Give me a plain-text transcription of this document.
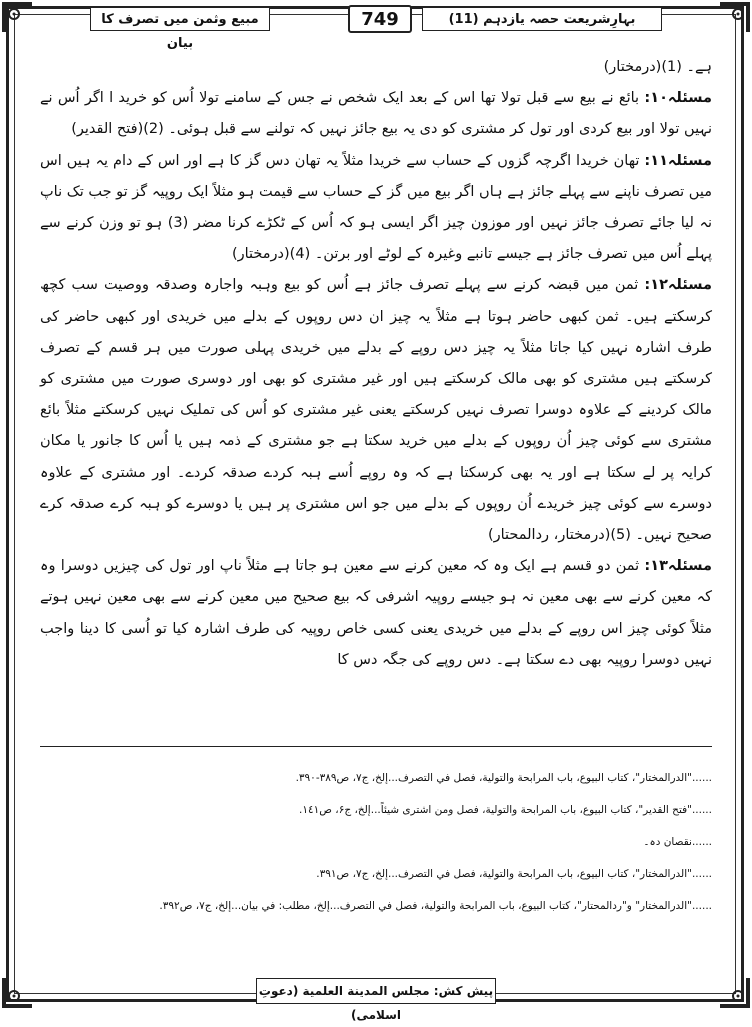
مبیع وثمن میں تصرف کا بیان
749	بہارِشریعت حصہ یازدہم (11)

ہے۔ (1)(درمختار)

مسئلہ۱۰: بائع نے بیع سے قبل تولا تھا اس کے بعد ایک شخص نے جس کے سامنے تولا اُس کو خرید ا اگر اُس نے نہیں تولا اور بیع کردی اور تول کر مشتری کو دی یہ بیع جائز نہیں کہ تولنے سے قبل ہوئی۔ (2)(فتح القدیر)

مسئلہ۱۱: تھان خریدا اگرچہ گزوں کے حساب سے خریدا مثلاً یہ تھان دس گز کا ہے اور اس کے دام یہ ہیں اس میں تصرف ناپنے سے پہلے جائز ہے ہاں اگر بیع میں گز کے حساب سے قیمت ہو مثلاً ایک روپیہ گز تو جب تک ناپ نہ لیا جائے تصرف جائز نہیں اور موزون چیز اگر ایسی ہو کہ اُس کے ٹکڑے کرنا مضر (3) ہو تو وزن کرنے سے پہلے اُس میں تصرف جائز ہے جیسے تانبے وغیرہ کے لوٹے اور برتن۔ (4)(درمختار)

مسئلہ۱۲: ثمن میں قبضہ کرنے سے پہلے تصرف جائز ہے اُس کو بیع وہبہ واجارہ وصدقہ ووصیت سب کچھ کرسکتے ہیں۔ ثمن کبھی حاضر ہوتا ہے مثلاً یہ چیز ان دس روپوں کے بدلے میں خریدی اور کبھی حاضر کی طرف اشارہ نہیں کیا جاتا مثلاً یہ چیز دس روپے کے بدلے میں خریدی پہلی صورت میں ہر قسم کے تصرف کرسکتے ہیں مشتری کو بھی مالک کرسکتے ہیں اور غیر مشتری کو بھی اور دوسری صورت میں مشتری کو مالک کردینے کے علاوہ دوسرا تصرف نہیں کرسکتے یعنی غیر مشتری کو اُس کی تملیک نہیں کرسکتے مثلاً بائع مشتری سے کوئی چیز اُن روپوں کے بدلے میں خرید سکتا ہے جو مشتری کے ذمہ ہیں یا اُس کا جانور یا مکان کرایہ پر لے سکتا ہے اور یہ بھی کرسکتا ہے کہ وہ روپے اُسے ہبہ کردے صدقہ کردے۔ اور مشتری کے علاوہ دوسرے سے کوئی چیز خریدے اُن روپوں کے بدلے میں جو اس مشتری پر ہیں یا دوسرے کو ہبہ کرے صدقہ کرے صحیح نہیں۔ (5)(درمختار، ردالمحتار)

مسئلہ۱۳: ثمن دو قسم ہے ایک وہ کہ معین کرنے سے معین ہو جاتا ہے مثلاً ناپ اور تول کی چیزیں دوسرا وہ کہ معین کرنے سے بھی معین نہ ہو جیسے روپیہ اشرفی کہ بیع صحیح میں معین کرنے سے بھی معین نہیں ہوتے مثلاً کوئی چیز اس روپے کے بدلے میں خریدی یعنی کسی خاص روپیہ کی طرف اشارہ کیا تو اُسی کا دینا واجب نہیں دوسرا روپیہ بھی دے سکتا ہے۔ دس روپے کی جگہ دس کا

......"الدرالمختار"، کتاب البیوع، باب المرابحة والتولیة، فصل في التصرف...إلخ، ج۷، ص۳۸۹-۳۹۰.
......"فتح القدیر"، کتاب البیوع، باب المرابحة والتولیة، فصل ومن اشتری شیئاً...إلخ، ج۶، ص۱٤۱.
......نقصان دہ۔
......"الدرالمختار"، کتاب البیوع، باب المرابحة والتولیة، فصل في التصرف...إلخ، ج۷، ص۳۹۱.
......"الدرالمختار" و"ردالمحتار"، کتاب البیوع، باب المرابحة والتولیة، فصل في التصرف...إلخ، مطلب: في بیان...إلخ، ج۷، ص۳۹۲.
پیش کش: مجلس المدینة العلمیة (دعوتِ اسلامی)
